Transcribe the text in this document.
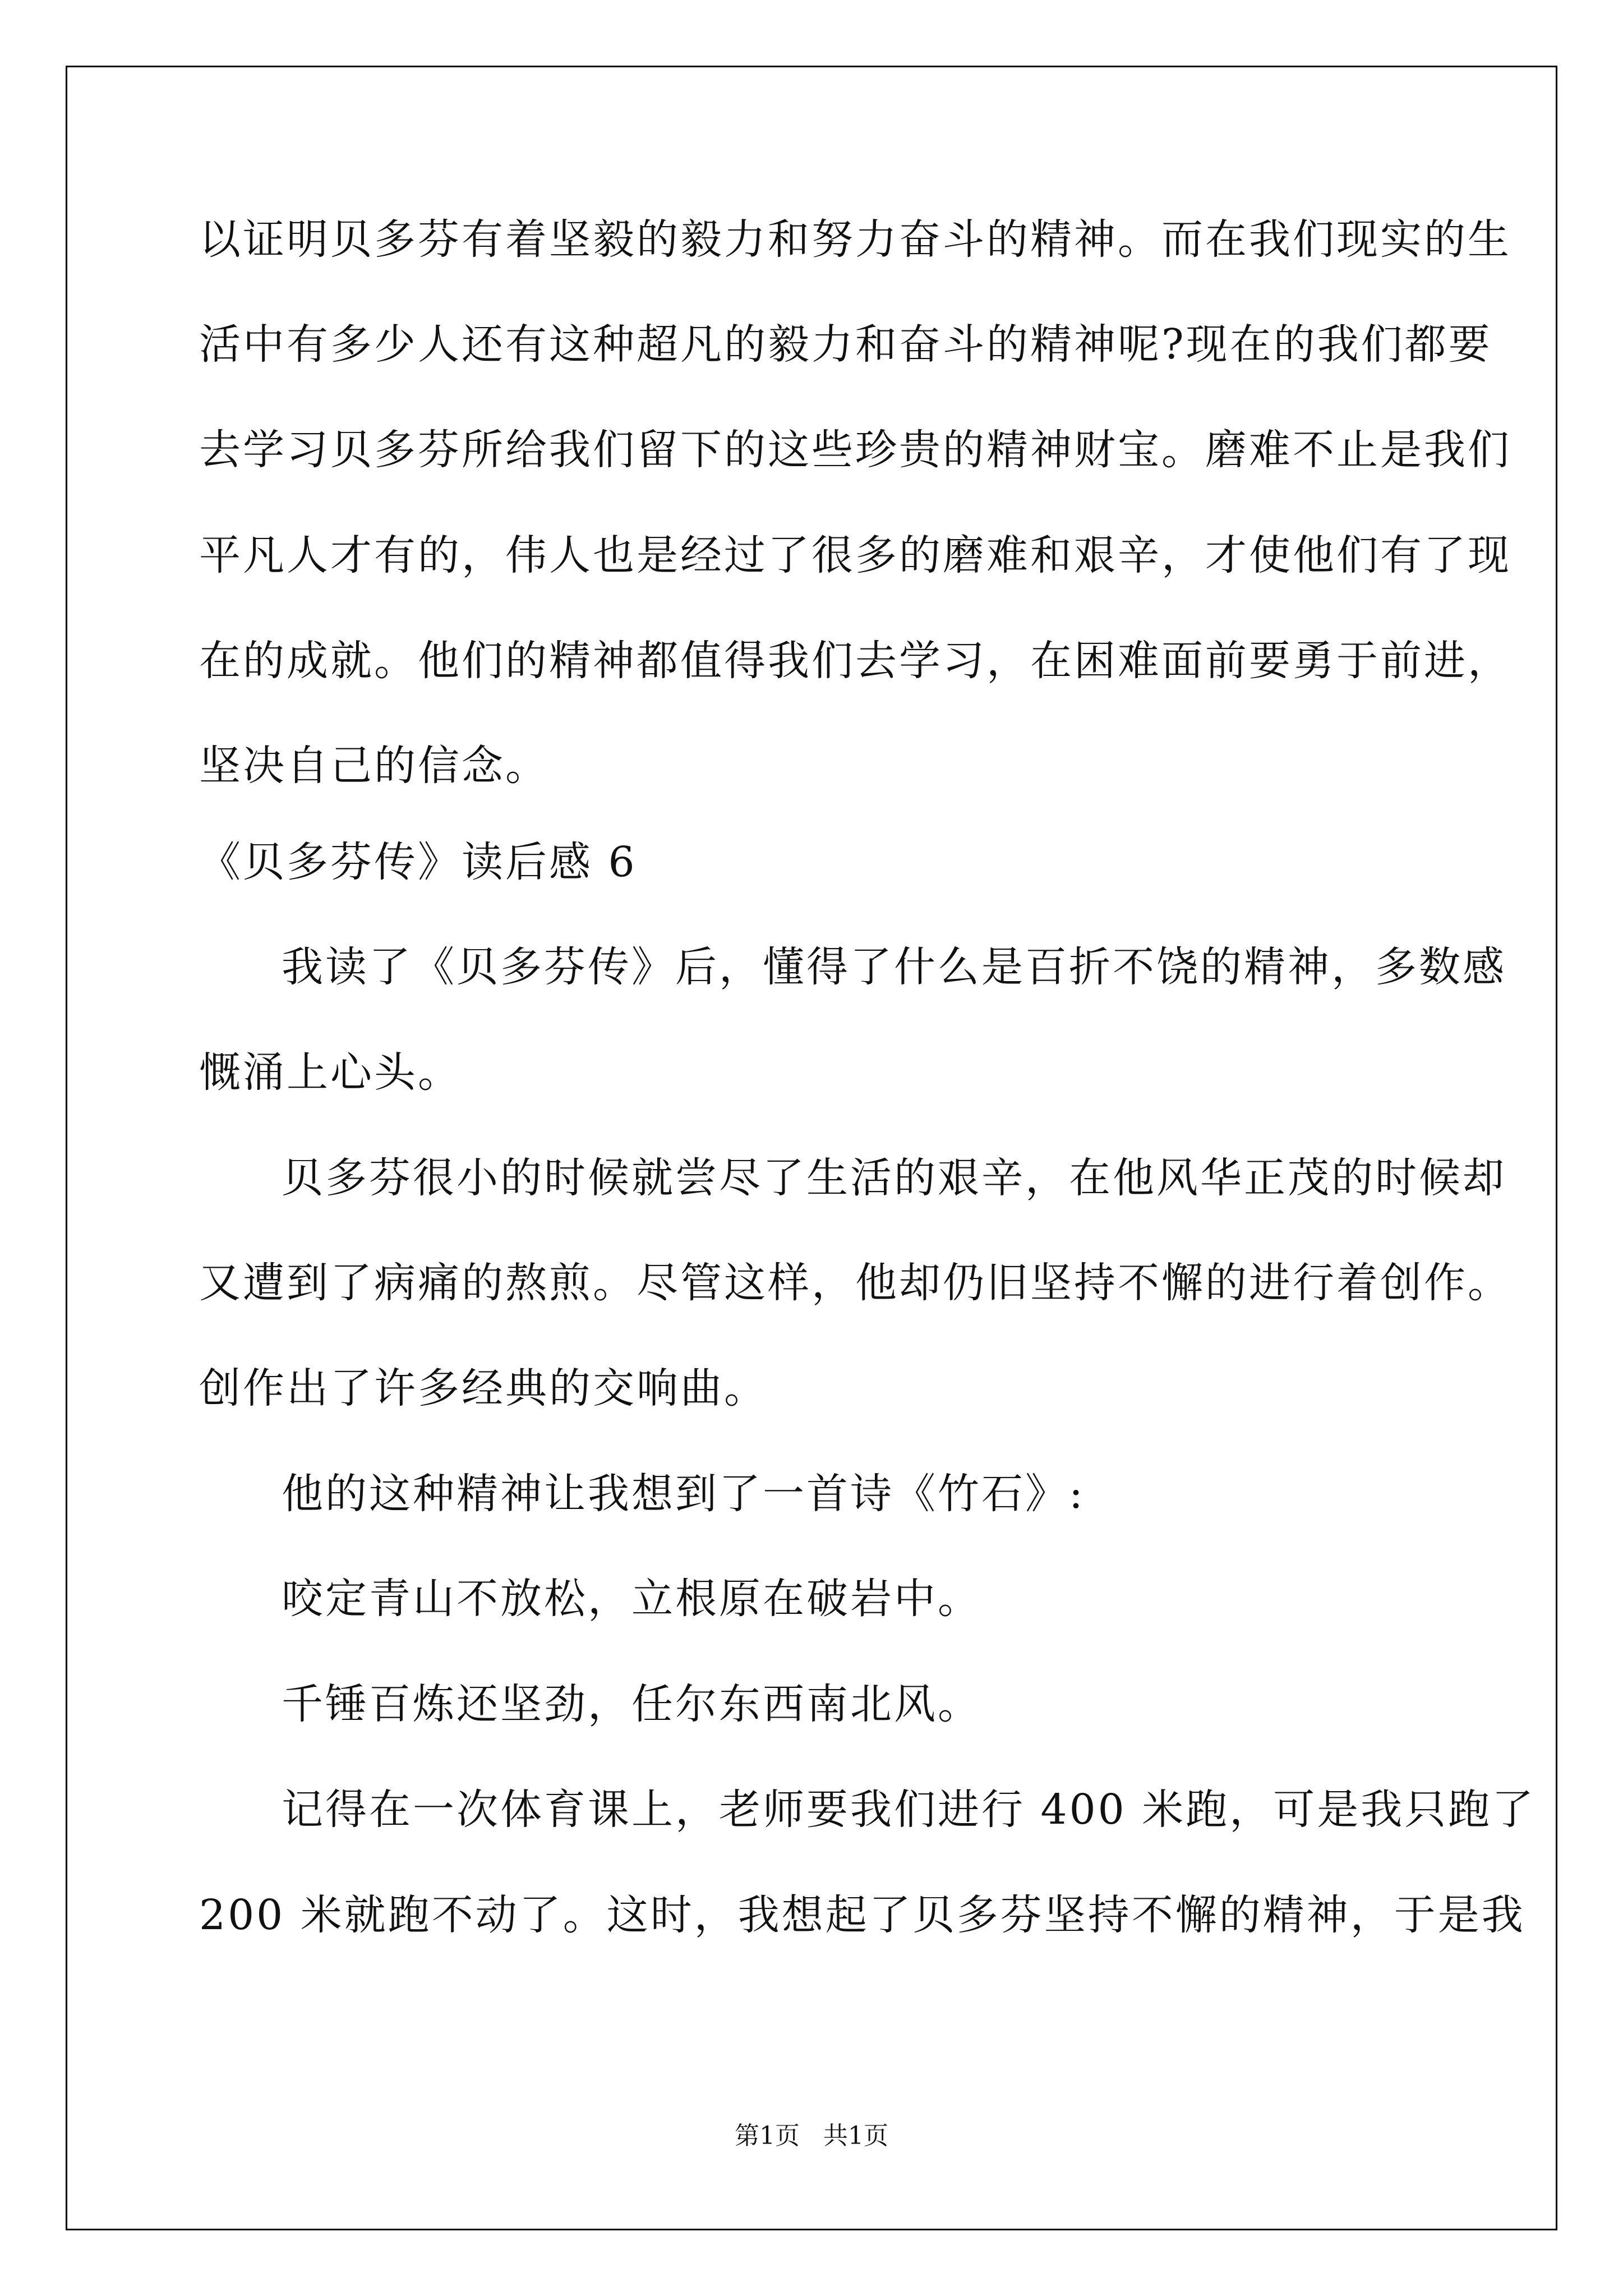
以证明贝多芬有着坚毅的毅力和努力奋斗的精神。而在我们现实的生
活中有多少人还有这种超凡的毅力和奋斗的精神呢?现在的我们都要
去学习贝多芬所给我们留下的这些珍贵的精神财宝。磨难不止是我们
平凡人才有的，伟人也是经过了很多的磨难和艰辛，才使他们有了现
在的成就。他们的精神都值得我们去学习，在困难面前要勇于前进，
坚决自己的信念。
《贝多芬传》读后感 6
我读了《贝多芬传》后，懂得了什么是百折不饶的精神，多数感
慨涌上心头。
贝多芬很小的时候就尝尽了生活的艰辛，在他风华正茂的时候却
又遭到了病痛的熬煎。尽管这样，他却仍旧坚持不懈的进行着创作。
创作出了许多经典的交响曲。
他的这种精神让我想到了一首诗《竹石》:
咬定青山不放松，立根原在破岩中。
千锤百炼还坚劲，任尔东西南北风。
记得在一次体育课上，老师要我们进行 400 米跑，可是我只跑了
200 米就跑不动了。这时，我想起了贝多芬坚持不懈的精神，于是我
第1页   共1页
